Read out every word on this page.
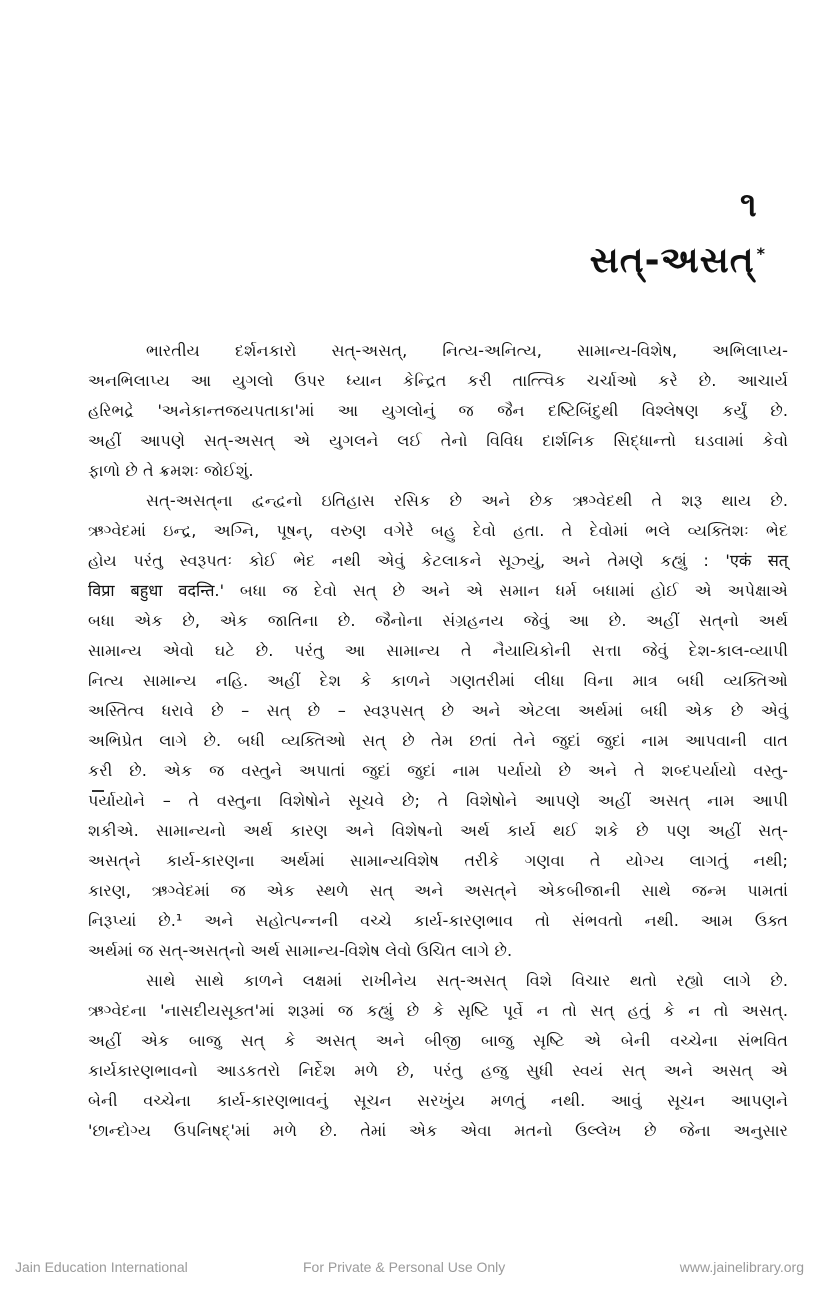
૧
સત્-અસત્ *
ભારતીય દર્શનકારો સત્-અસત્, નિત્ય-અનિત્ય, સામાન્ય-વિશેષ, અભિલાપ્ય-
અનભિલાપ્ય આ યુગલો ઉપર ધ્યાન કેન્દ્રિત કરી તાત્ત્વિક ચર્ચાઓ કરે છે. આચાર્ય
હરિભદ્રે 'અનેકાન્તજયપતાકા'માં આ યુગલોનું જ જૈન દષ્ટિબિંદુથી વિશ્લેષણ કર્યું છે.
અહીં આપણે સત્-અસત્ એ યુગલને લઈ તેનો વિવિધ દાર્શનિક સિદ્ધાન્તો ઘડવામાં કેવો
ફાળો છે તે ક્રમશઃ જોઈશું.
સત્-અસત્‌ના દ્વન્દ્વનો ઇતિહાસ રસિક છે અને છેક ઋગ્વેદથી તે શરૂ થાય છે.
ઋગ્વેદમાં ઇન્દ્ર, અગ્નિ, પૂષન્, વરુણ વગેરે બહુ દેવો હતા. તે દેવોમાં ભલે વ્યક્તિશઃ ભેદ
હોય પરંતુ સ્વરૂપતઃ કોઈ ભેદ નથી એવું કેટલાકને સૂઝ્યું, અને તેમણે કહ્યું : 'एकं सत्
विप्रा बहुधा वदन्ति.' બધા જ દેવો સત્ છે અને એ સમાન ધર્મ બધામાં હોઈ એ અપેક્ષાએ
બધા એક છે, એક જાતિના છે. જૈનોના સંગ્રહનય જેવું આ છે. અહીં સત્‌નો અર્થ
સામાન્ય એવો ઘટે છે. પરંતુ આ સામાન્ય તે નૈયાયિકોની સત્તા જેવું દેશ-કાલ-વ્યાપી
નિત્ય સામાન્ય નહિ. અહીં દેશ કે કાળને ગણતરીમાં લીધા વિના માત્ર બધી વ્યક્તિઓ
અસ્તિત્વ ધરાવે છે – સત્ છે – સ્વરૂપસત્ છે અને એટલા અર્થમાં બધી એક છે એવું
અભિપ્રેત લાગે છે. બધી વ્યક્તિઓ સત્ છે તેમ છતાં તેને જુદાં જુદાં નામ આપવાની વાત
કરી છે. એક જ વસ્તુને અપાતાં જુદાં જુદાં નામ પર્યાયો છે અને તે શબ્દપર્યાયો વસ્તુ-
પર્યાયોને – તે વસ્તુના વિશેષોને સૂચવે છે; તે વિશેષોને આપણે અહીં અસત્ નામ આપી
શકીએ. સામાન્યનો અર્થ કારણ અને વિશેષનો અર્થ કાર્ય થઈ શકે છે પણ અહીં સત્-
અસત્‌ને કાર્ય-કારણના અર્થમાં સામાન્યવિશેષ તરીકે ગણવા તે યોગ્ય લાગતું નથી;
કારણ, ઋગ્વેદમાં જ એક સ્થળે સત્ અને અસત્‌ને એકબીજાની સાથે જન્મ પામતાં
નિરૂપ્યાં છે.¹ અને સહોત્પન્નની વચ્ચે કાર્ય-કારણભાવ તો સંભવતો નથી. આમ ઉક્ત
અર્થમાં જ સત્-અસત્‌નો અર્થ સામાન્ય-વિશેષ લેવો ઉચિત લાગે છે.
સાથે સાથે કાળને લક્ષમાં રાખીનેય સત્-અસત્ વિશે વિચાર થતો રહ્યો લાગે છે.
ઋગ્વેદના 'નાસદીયસૂક્ત'માં શરૂમાં જ કહ્યું છે કે સૃષ્ટિ પૂર્વે ન તો સત્ હતું કે ન તો અસત્.
અહીં એક બાજુ સત્ કે અસત્ અને બીજી બાજુ સૃષ્ટિ એ બેની વચ્ચેના સંભવિત
કાર્યકારણભાવનો આડકતરો નિર્દેશ મળે છે, પરંતુ હજુ સુધી સ્વયં સત્ અને અસત્ એ
બેની વચ્ચેના કાર્ય-કારણભાવનું સૂચન સરખુંય મળતું નથી. આવું સૂચન આપણને
'છાન્દોગ્ય ઉપનિષદ્'માં મળે છે. તેમાં એક એવા મતનો ઉલ્લેખ છે જેના અનુસાર
Jain Education International	For Private & Personal Use Only	www.jainelibrary.org
